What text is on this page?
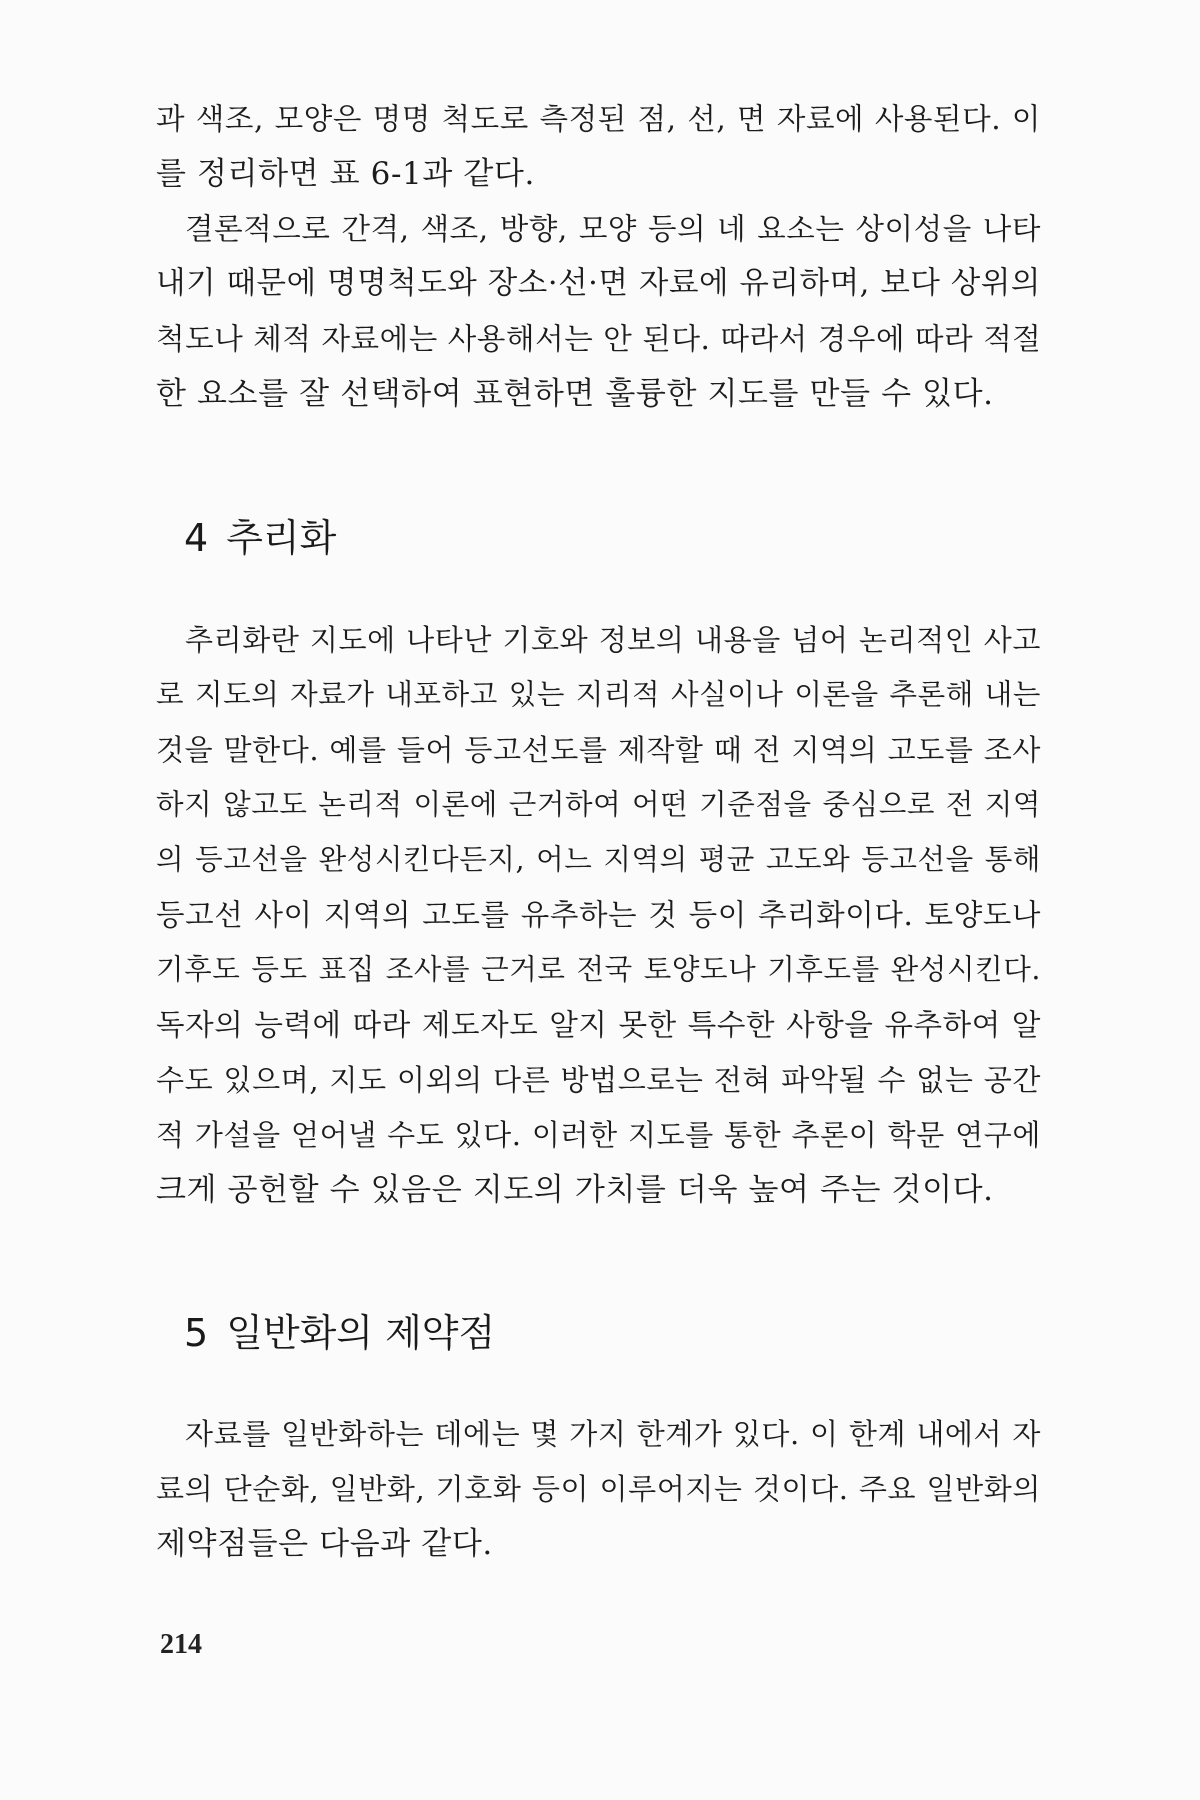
과 색조, 모양은 명명 척도로 측정된 점, 선, 면 자료에 사용된다. 이
를 정리하면 표 6-1과 같다.
결론적으로 간격, 색조, 방향, 모양 등의 네 요소는 상이성을 나타
내기 때문에 명명척도와 장소·선·면 자료에 유리하며, 보다 상위의
척도나 체적 자료에는 사용해서는 안 된다. 따라서 경우에 따라 적절
한 요소를 잘 선택하여 표현하면 훌륭한 지도를 만들 수 있다.
4 추리화
추리화란 지도에 나타난 기호와 정보의 내용을 넘어 논리적인 사고
로 지도의 자료가 내포하고 있는 지리적 사실이나 이론을 추론해 내는
것을 말한다. 예를 들어 등고선도를 제작할 때 전 지역의 고도를 조사
하지 않고도 논리적 이론에 근거하여 어떤 기준점을 중심으로 전 지역
의 등고선을 완성시킨다든지, 어느 지역의 평균 고도와 등고선을 통해
등고선 사이 지역의 고도를 유추하는 것 등이 추리화이다. 토양도나
기후도 등도 표집 조사를 근거로 전국 토양도나 기후도를 완성시킨다.
독자의 능력에 따라 제도자도 알지 못한 특수한 사항을 유추하여 알
수도 있으며, 지도 이외의 다른 방법으로는 전혀 파악될 수 없는 공간
적 가설을 얻어낼 수도 있다. 이러한 지도를 통한 추론이 학문 연구에
크게 공헌할 수 있음은 지도의 가치를 더욱 높여 주는 것이다.
5 일반화의 제약점
자료를 일반화하는 데에는 몇 가지 한계가 있다. 이 한계 내에서 자
료의 단순화, 일반화, 기호화 등이 이루어지는 것이다. 주요 일반화의
제약점들은 다음과 같다.
214
